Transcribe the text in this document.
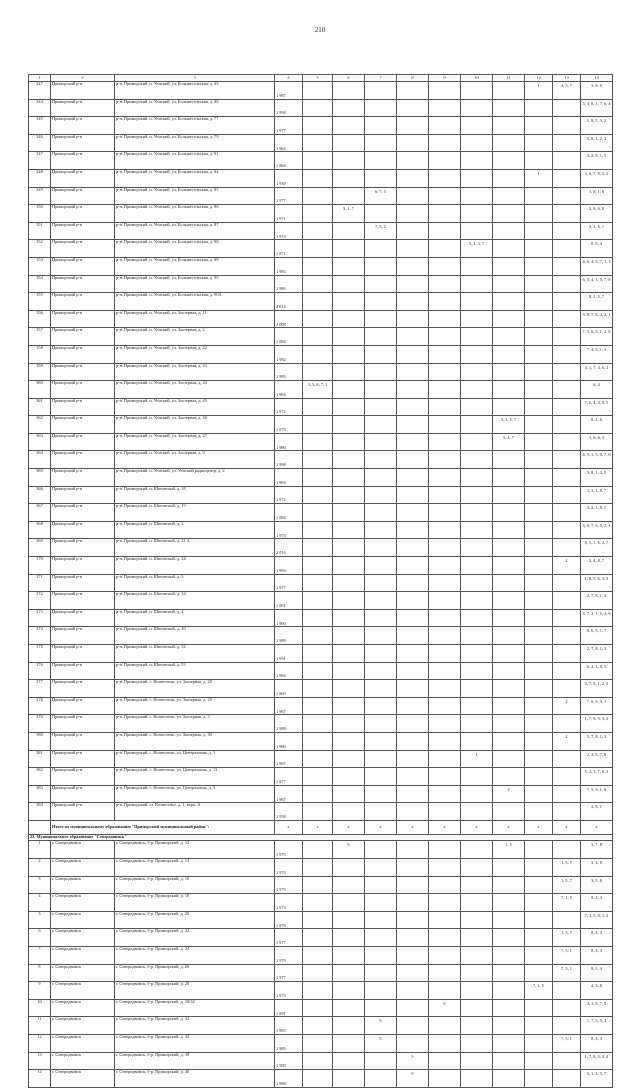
210
1	2	3	4	5	6	7	8	9	10	11	12	13	14	
347	Приморский р-н	р-н. Приморский, п. Уемский, ул. Большесельская, д. 45	1 987								1	4, 5, 7	3, 8, 6	
344	Приморский р-н	р-н. Приморский, п. Уемский, ул. Большесельская, д. 46	1 994										5, 3, 8, 1, 7, 6, 4	
345	Приморский р-н	р-н. Приморский, п. Уемский, ул. Большесельская, д. 77	1 977										1, 8, 5, 3, 2	
346	Приморский р-н	р-н. Приморский, п. Уемский, ул. Большесельская, д. 79	1 964										5, 8, 1, 2, 3	
347	Приморский р-н	р-н. Приморский, п. Уемский, ул. Большесельская, д. 81	1 964										3, 2, 8, 1, 5	
348	Приморский р-н	р-н. Приморский, п. Уемский, ул. Большесельская, д. 84	1 930								1		3, 6, 7, 8, 5, 2	
349	Приморский р-н	р-н. Приморский, п. Уемский, ул. Большесельская, д. 85	1 977			6, 7, 5							1, 8, 1, 6	
350	Приморский р-н	р-н. Приморский, п. Уемский, ул. Большесельская, д. 86	1 971		5, 1, 7								3, 8, 6, 8	
351	Приморский р-н	р-н. Приморский, п. Уемский, ул. Большесельская, д. 87	1 974			7, 5, 2							3, 1, 6, 1	
352	Приморский р-н	р-н. Приморский, п. Уемский, ул. Большесельская, д. 88	1 971						5, 1, 3, 7				8, 6, 4	
353	Приморский р-н	р-н. Приморский, п. Уемский, ул. Большесельская, д. 89	1 983										8, 6, 4, 5, 7, 1, 3	
354	Приморский р-н	р-н. Приморский, п. Уемский, ул. Большесельская, д. 90	1 986										6, 3, 4, 1, 5, 7, 8	
355	Приморский р-н	р-н. Приморский, п. Уемский, ул. Большесельская, д. 90А	2 014										8, 1, 5, 7	
356	Приморский р-н	р-н. Приморский, п. Уемский, ул. Заозерная, д. 11	2 008										5, 8, 7, 6, 4, 2, 1	
357	Приморский р-н	р-н. Приморский, п. Уемский, ул. Заозерная, д. 2	1 984										7, 5, 6, 3, 1, 2, 8	
358	Приморский р-н	р-н. Приморский, п. Уемский, ул. Заозерная, д. 42	1 982										7, 4, 5, 1, 3	
359	Приморский р-н	р-н. Приморский, п. Уемский, ул. Заозерная, д. 43	1 995										3, 1, 7, 4, 6, 2	
360	Приморский р-н	р-н. Приморский, п. Уемский, ул. Заозерная, д. 44	1 964	3, 5, 8, 7, 1									6, 4	
361	Приморский р-н	р-н. Приморский, п. Уемский, ул. Заозерная, д. 45	1 972										7, 6, 4, 3, 8, 5	
362	Приморский р-н	р-н. Приморский, п. Уемский, ул. Заозерная, д. 46	1 975							3, 1, 5, 7			8, 4, 6	
363	Приморский р-н	р-н. Приморский, п. Уемский, ул. Заозерная, д. 47	1 980							5, 4, 7			1, 8, 6, 3	
364	Приморский р-н	р-н. Приморский, п. Уемский, ул. Заозерная, д. 9	1 998										4, 5, 1, 3, 8, 7, 6	
365	Приморский р-н	р-н. Приморский, п. Уемский, ул. Уемский радиоцентр, д. 2	1 963										3, 8, 1, 2, 5	
366	Приморский р-н	р-н. Приморский, п. Шиговский, д. 18	1 972										3, 3, 1, 8, 7	
367	Приморский р-н	р-н. Приморский, п. Шиговский, д. 19	1 984										3, 2, 1, 8, 5	
368	Приморский р-н	р-н. Приморский, п. Шиговский, д. 2	1 973										3, 8, 7, 6, 5, 2, 1	
369	Приморский р-н	р-н. Приморский, п. Шиговский, д. 21 А	2 014										8, 5, 1, 6, 2, 7	
370	Приморский р-н	р-н. Приморский, п. Шиговский, д. 24	1 993									2	3, 4, 8, 7	
371	Приморский р-н	р-н. Приморский, п. Шиговский, д. 3	1 977										1, 8, 7, 6, 5, 3	
372	Приморский р-н	р-н. Приморский, п. Шиговский, д. 34	1 961										2, 7, 8, 1, 3	
373	Приморский р-н	р-н. Приморский, п. Шиговский, д. 4	1 990										3, 7, 2, 1, 5, 4, 8	
374	Приморский р-н	р-н. Приморский, п. Шиговский, д. 40	1 989										8, 6, 5, 1, 7	
375	Приморский р-н	р-н. Приморский, п. Шиговский, д. 52	1 991										2, 7, 8, 1, 3	
376	Приморский р-н	р-н. Приморский, п. Шиговский, д. 53	1 994										6, 2, 1, 8, 5	
377	Приморский р-н	р-н. Приморский, с. Вознесенье, ул. Заозерная, д. 28	1 969										3, 7, 8, 1, 2, 5	
378	Приморский р-н	р-н. Приморский, с. Вознесенье, ул. Заозерная, д. 29	1 967									2	7, 6, 5, 3, 1	
379	Приморский р-н	р-н. Приморский, с. Вознесенье, ул. Заозерная, д. 3	1 988										1, 7, 8, 5, 3, 2	
380	Приморский р-н	р-н. Приморский, с. Вознесенье, ул. Заозерная, д. 30	1 980									2	5, 7, 8, 1, 3	
381	Приморский р-н	р-н. Приморский, с. Вознесенье, ул. Центральная, д. 1	1 967						1				2, 3, 5, 7, 8	
382	Приморский р-н	р-н. Приморский, с. Вознесенье, ул. Центральная, д. 13	1 977										5, 2, 1, 7, 8, 3	
383	Приморский р-н	р-н. Приморский, с. Вознесенье, ул. Центральная, д. 3	1 967							2			7, 5, 3, 1, 8	
384	Приморский р-н	р-н. Приморский, ст. Вознесенье, д. 1, корп. А	1 958										2, 8, 1	
	Итого по муниципальному образованию "Приморский муниципальный район":		х	х	х	х	х	х	х	х	х	х	х	
22. Муниципальное образование "Северодвинск"														
1	г. Северодвинск	г. Северодвинск, б-р. Приморский, д. 12	1 975		9					1, 5			3, 7, 8	
2	г. Северодвинск	г. Северодвинск, б-р. Приморский, д. 14	1 974									1, 5, 7	3, 4, 8	
3	г. Северодвинск	г. Северодвинск, б-р. Приморский, д. 16	1 975									1, 5, 7	3, 5, 8	
4	г. Северодвинск	г. Северодвинск, б-р. Приморский, д. 18	1 974									7, 1, 5	8, 4, 3	
5	г. Северодвинск	г. Северодвинск, б-р. Приморский, д. 20	1 976										7, 3, 5, 8, 1, 2	
6	г. Северодвинск	г. Северодвинск, б-р. Приморский, д. 22	1 977									1, 5, 7	8, 4, 3	
7	г. Северодвинск	г. Северодвинск, б-р. Приморский, д. 24	1 979									7, 5, 1	8, 4, 3	
8	г. Северодвинск	г. Северодвинск, б-р. Приморский, д. 26	1 977									7, 5, 1	8, 3, 4	
9	г. Северодвинск	г. Северодвинск, б-р. Приморский, д. 28	1 975								7, 1, 5		4, 3, 8	
10	г. Северодвинск	г. Северодвинск, б-р. Приморский, д. 30/34	1 991					9					4, 1, 8, 7, 5	
11	г. Северодвинск	г. Северодвинск, б-р. Приморский, д. 32	1 985			9							1, 7, 3, 5, 4	
12	г. Северодвинск	г. Северодвинск, б-р. Приморский, д. 34	1 985			9						7, 5, 1	8, 4, 3	
13	г. Северодвинск	г. Северодвинск, б-р. Приморский, д. 38	1 989				9						1, 7, 8, 5, 3, 4	
14	г. Северодвинск	г. Северодвинск, б-р. Приморский, д. 40	1 988				9						5, 1, 4, 5, 7	
